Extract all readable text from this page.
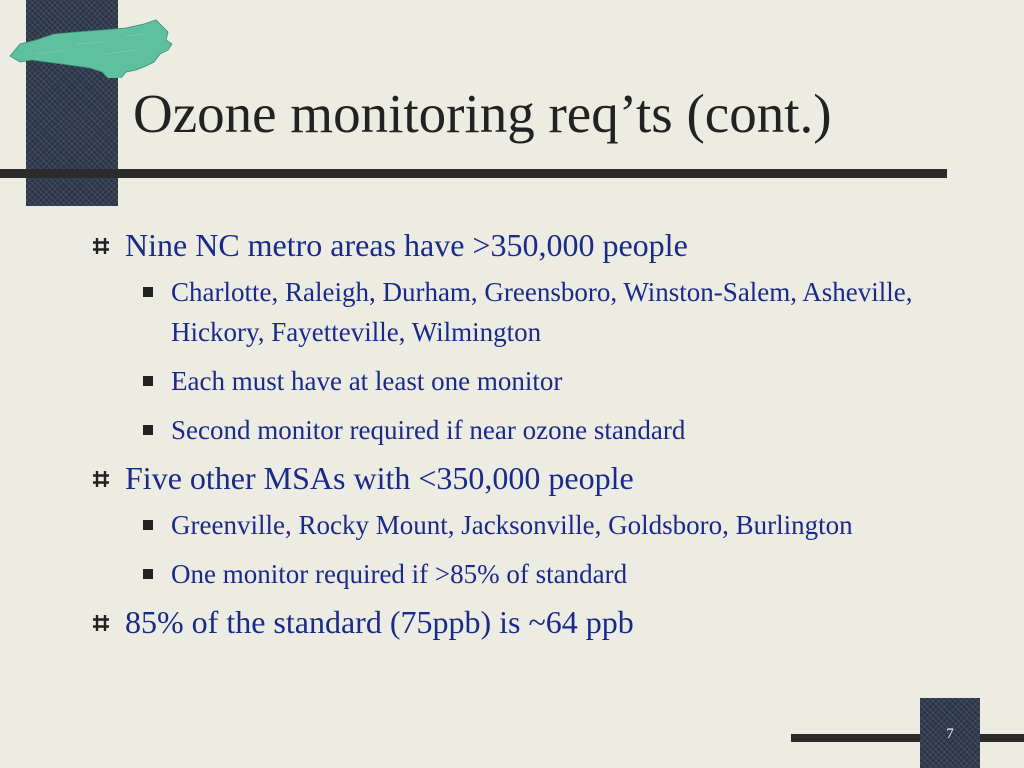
Ozone monitoring req’ts (cont.)
Nine NC metro areas have >350,000 people
Charlotte, Raleigh, Durham, Greensboro, Winston-Salem, Asheville, Hickory, Fayetteville, Wilmington
Each must have at least one monitor
Second monitor required if near ozone standard
Five other MSAs with <350,000 people
Greenville, Rocky Mount, Jacksonville, Goldsboro, Burlington
One monitor required if >85% of standard
85% of the standard (75ppb) is ~64 ppb
7
